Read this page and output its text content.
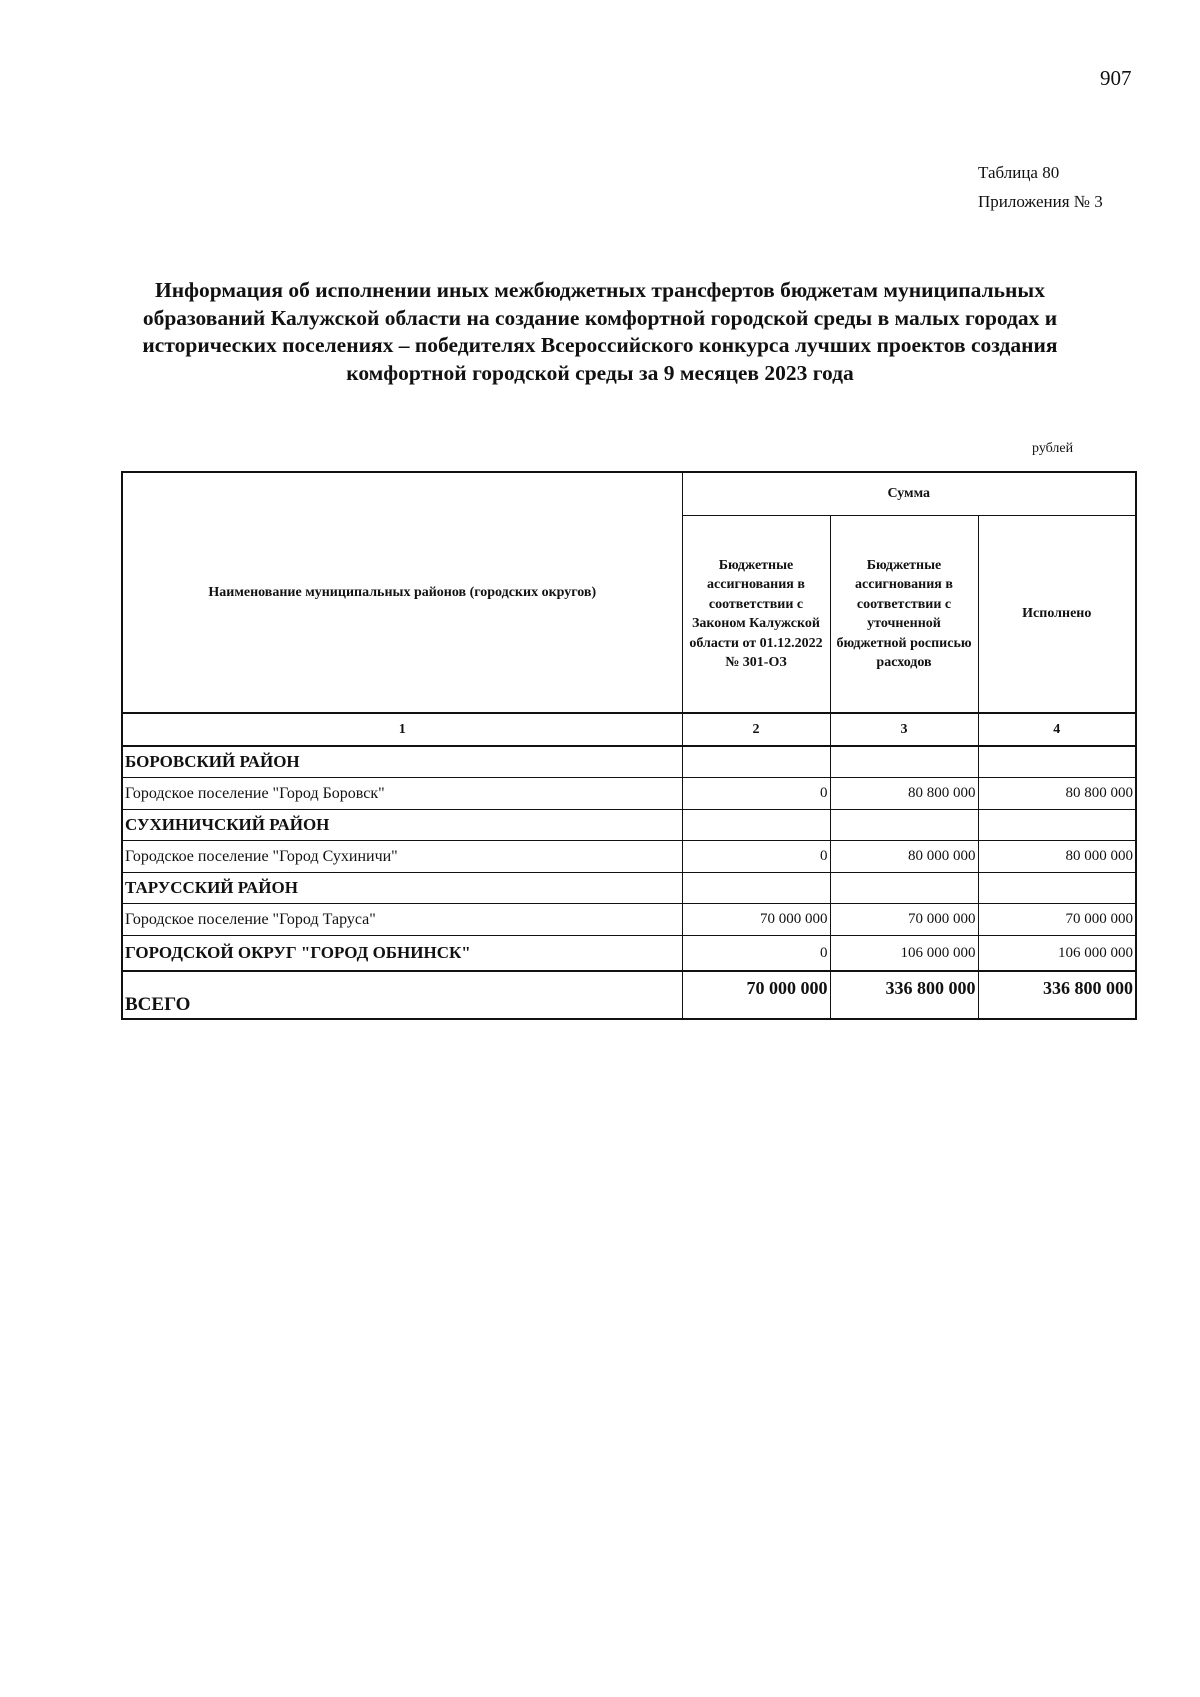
907
Таблица 80
Приложения № 3
Информация об исполнении иных межбюджетных трансфертов бюджетам муниципальных образований Калужской области на создание комфортной городской среды в малых городах и исторических поселениях – победителях Всероссийского конкурса лучших проектов создания комфортной городской среды за 9 месяцев 2023 года
рублей
Наименование муниципальных районов (городских округов)	Сумма		
	Бюджетные ассигнования в соответствии с Законом Калужской области от 01.12.2022 № 301-ОЗ	Бюджетные ассигнования в соответствии с уточненной бюджетной росписью расходов	Исполнено
1	2	3	4
БОРОВСКИЙ РАЙОН			
Городское поселение "Город Боровск"	0	80 800 000	80 800 000
СУХИНИЧСКИЙ РАЙОН			
Городское поселение "Город Сухиничи"	0	80 000 000	80 000 000
ТАРУССКИЙ РАЙОН			
Городское поселение "Город Таруса"	70 000 000	70 000 000	70 000 000
ГОРОДСКОЙ ОКРУГ "ГОРОД ОБНИНСК"	0	106 000 000	106 000 000
ВСЕГО	70 000 000	336 800 000	336 800 000
